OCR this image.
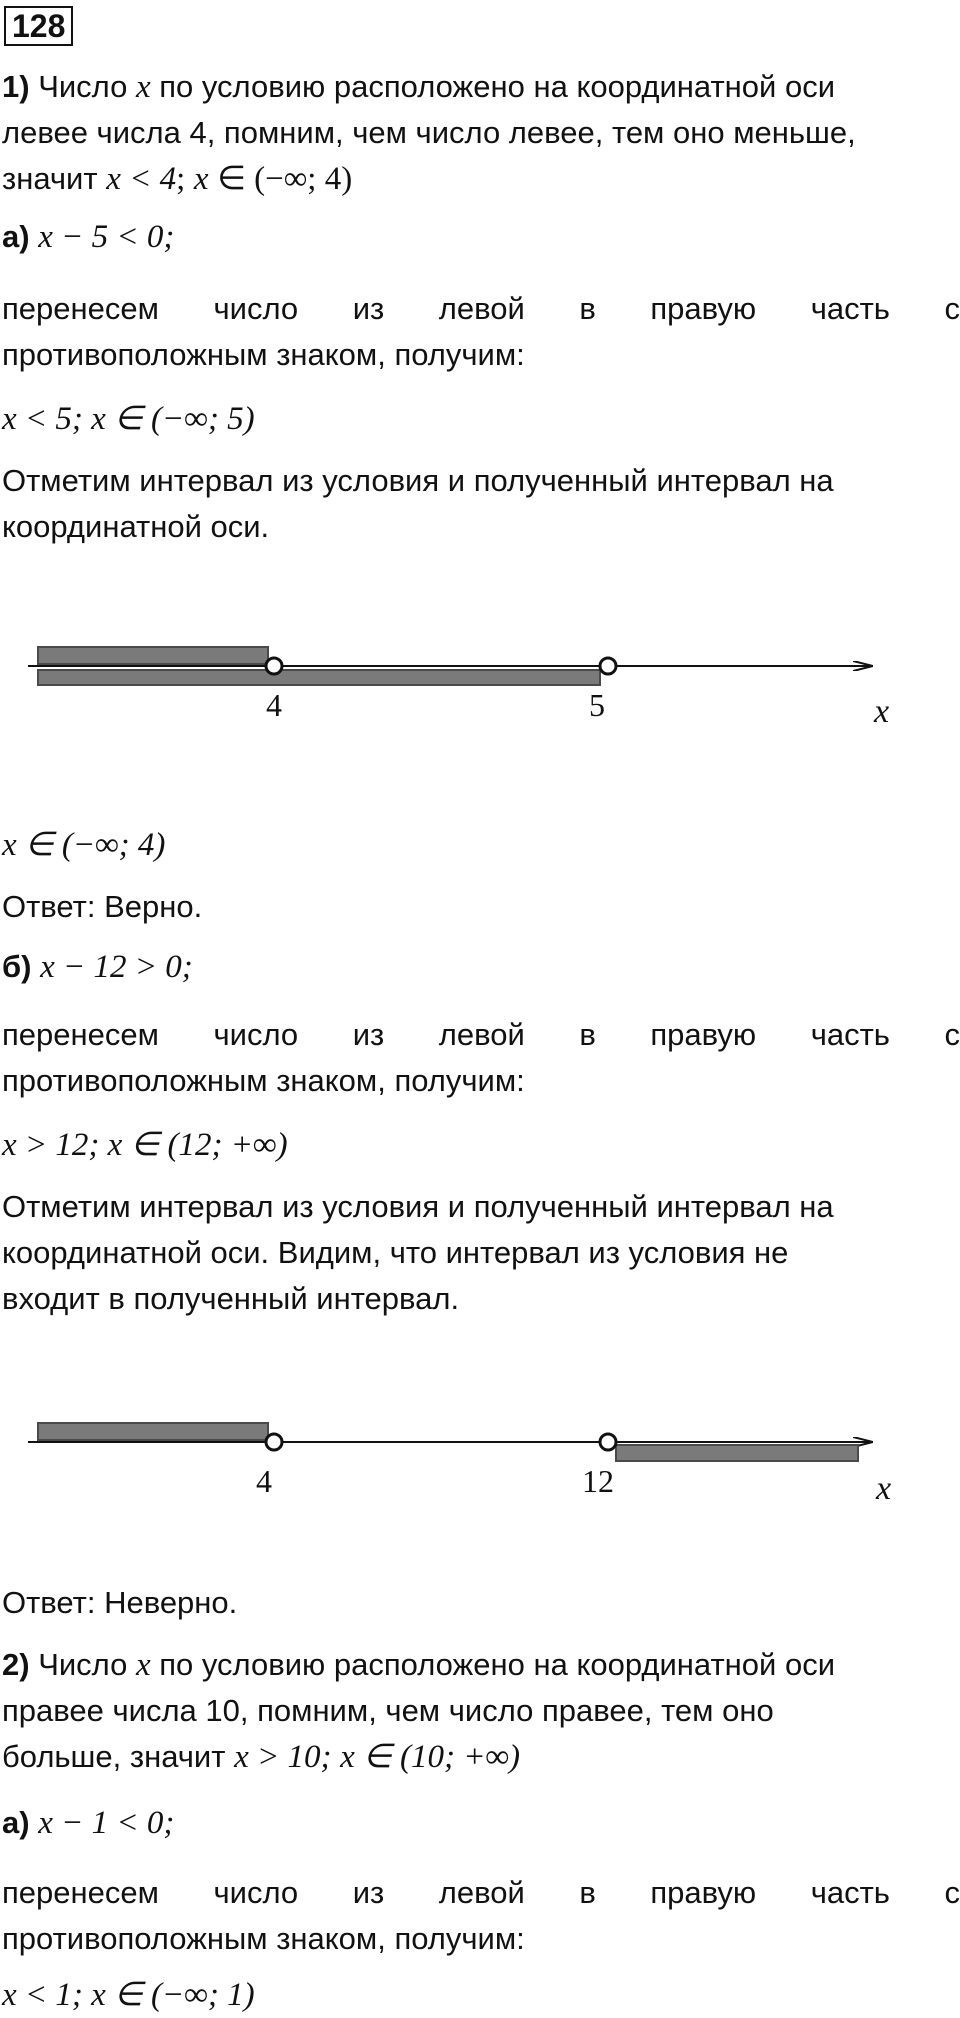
128
1) Число x по условию расположено на координатной оси
левее числа 4, помним, чем число левее, тем оно меньше,
значит x < 4; x ∈ (−∞; 4)
а) x − 5 < 0;
перенесем число из левой в правую часть с
противоположным знаком, получим:
x < 5; x ∈ (−∞; 5)
Отметим интервал из условия и полученный интервал на
координатной оси.
4	5	x
x ∈ (−∞; 4)
Ответ: Верно.
б) x − 12 > 0;
перенесем число из левой в правую часть с
противоположным знаком, получим:
x > 12; x ∈ (12; +∞)
Отметим интервал из условия и полученный интервал на
координатной оси. Видим, что интервал из условия не
входит в полученный интервал.
4	12	x
Ответ: Неверно.
2) Число x по условию расположено на координатной оси
правее числа 10, помним, чем число правее, тем оно
больше, значит x > 10; x ∈ (10; +∞)
а) x − 1 < 0;
перенесем число из левой в правую часть с
противоположным знаком, получим:
x < 1; x ∈ (−∞; 1)
